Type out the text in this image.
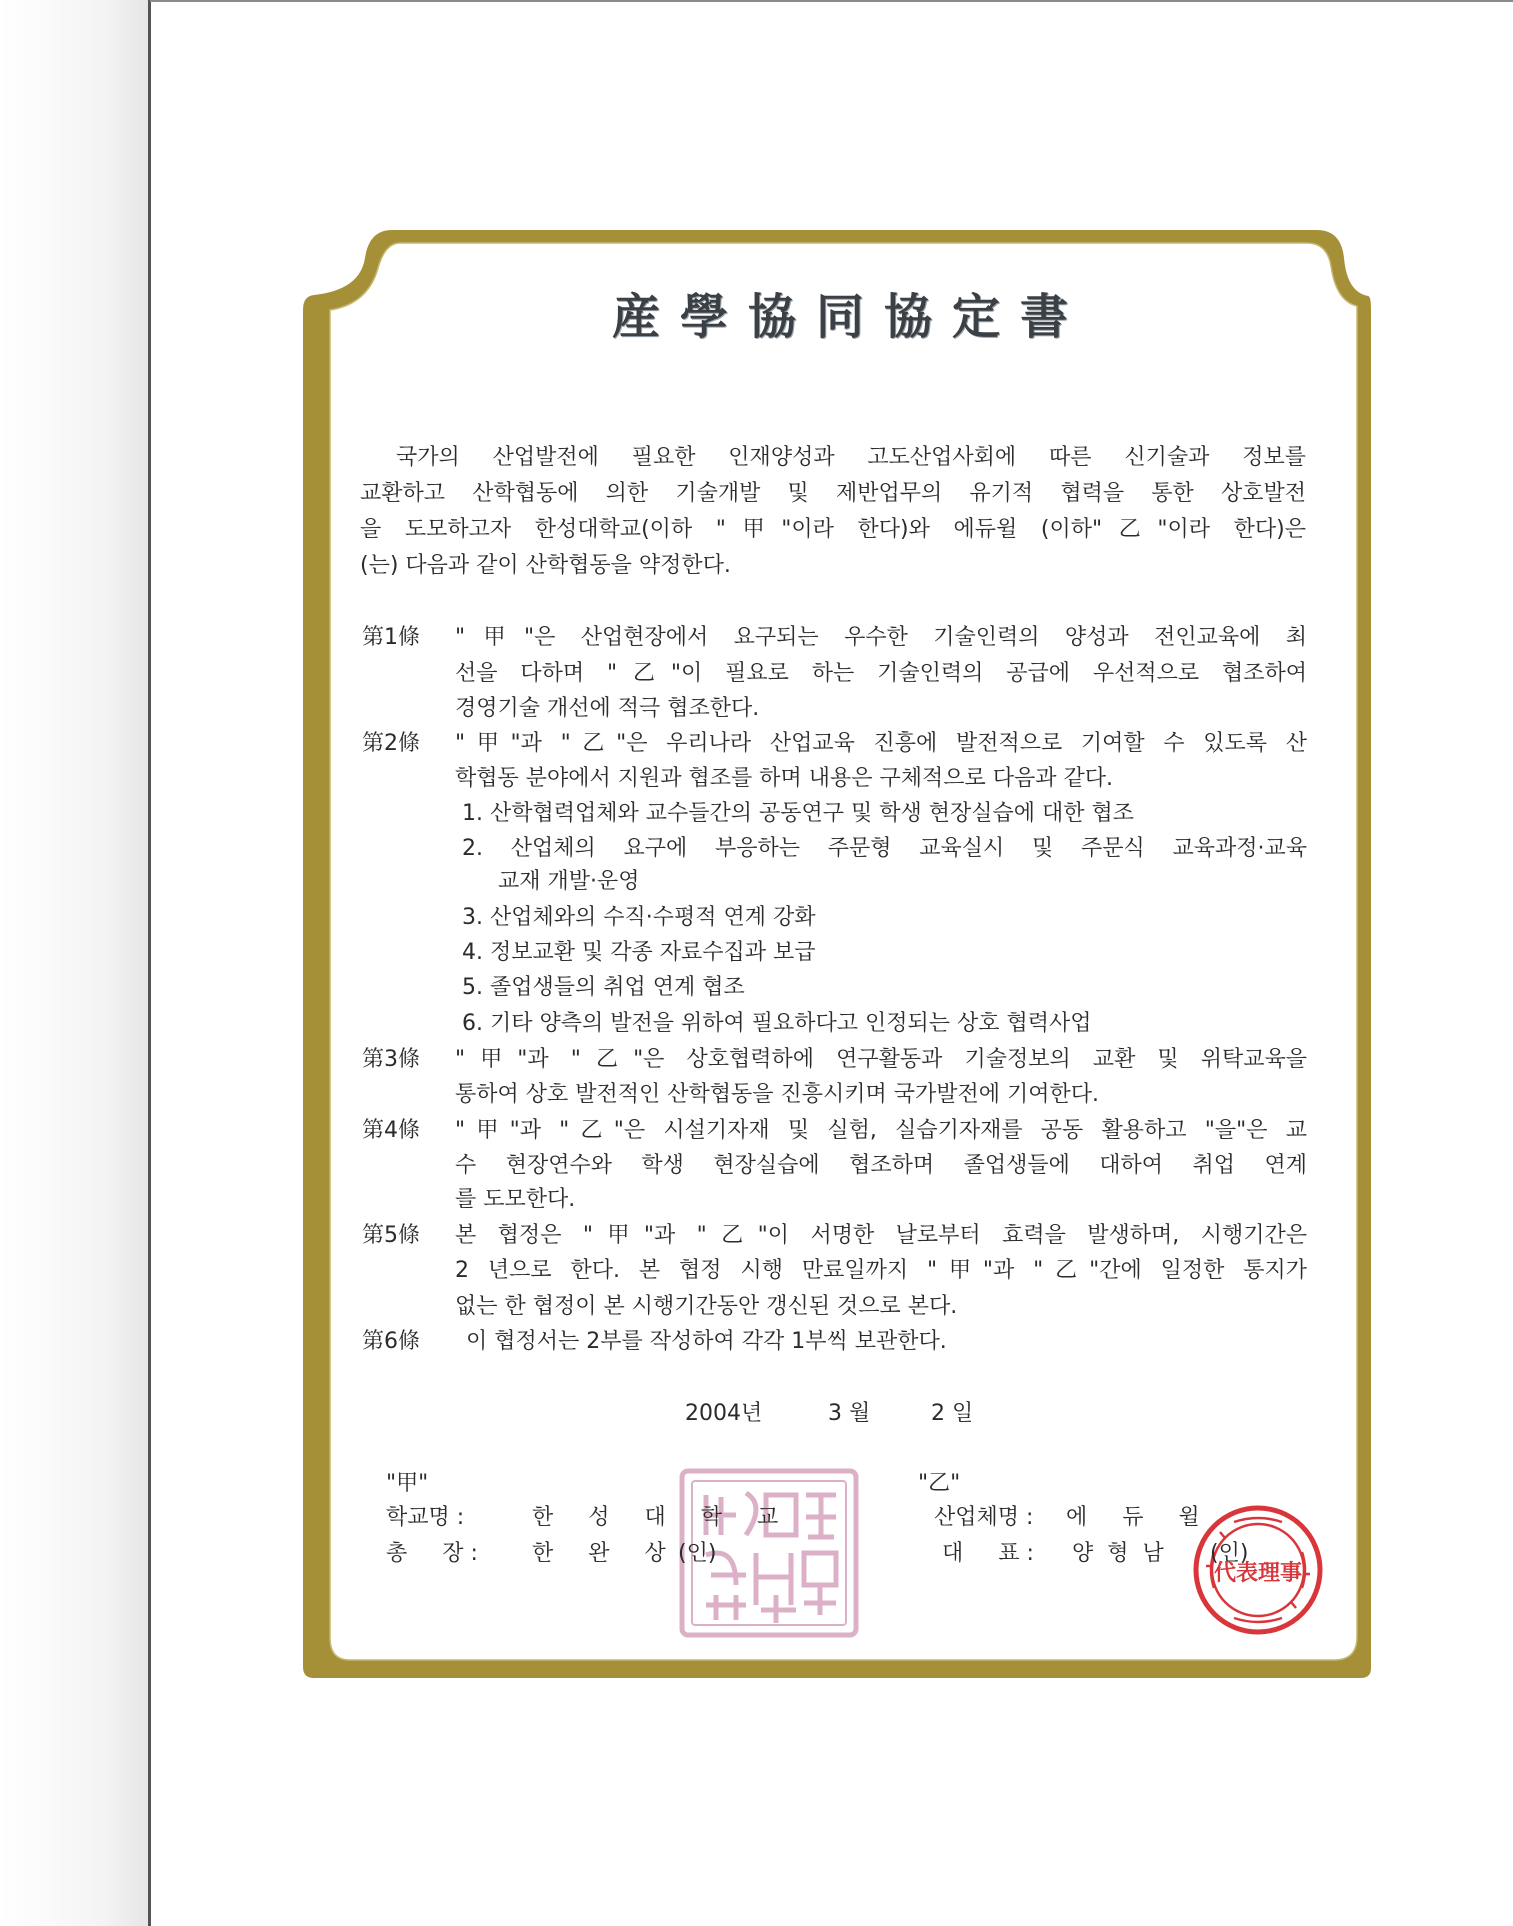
産學協同協定書

국가의 산업발전에 필요한 인재양성과 고도산업사회에 따른 신기술과 정보를

교환하고 산학협동에 의한 기술개발 및 제반업무의 유기적 협력을 통한 상호발전

을 도모하고자 한성대학교(이하 "甲"이라 한다)와 에듀윌 (이하"乙"이라 한다)은

(는) 다음과 같이 산학협동을 약정한다.

第1條 "甲"은 산업현장에서 요구되는 우수한 기술인력의 양성과 전인교육에 최
선을 다하며 "乙"이 필요로 하는 기술인력의 공급에 우선적으로 협조하여
경영기술 개선에 적극 협조한다.
第2條 "甲"과 "乙"은 우리나라 산업교육 진흥에 발전적으로 기여할 수 있도록 산
학협동 분야에서 지원과 협조를 하며 내용은 구체적으로 다음과 같다.
1. 산학협력업체와 교수들간의 공동연구 및 학생 현장실습에 대한 협조
2. 산업체의 요구에 부응하는 주문형 교육실시 및 주문식 교육과정·교육
교재 개발·운영
3. 산업체와의 수직·수평적 연계 강화
4. 정보교환 및 각종 자료수집과 보급
5. 졸업생들의 취업 연계 협조
6. 기타 양측의 발전을 위하여 필요하다고 인정되는 상호 협력사업
第3條 "甲"과 "乙"은 상호협력하에 연구활동과 기술정보의 교환 및 위탁교육을
통하여 상호 발전적인 산학협동을 진흥시키며 국가발전에 기여한다.
第4條 "甲"과 "乙"은 시설기자재 및 실험, 실습기자재를 공동 활용하고 "을"은 교
수 현장연수와 학생 현장실습에 협조하며 졸업생들에 대하여 취업 연계
를 도모한다.
第5條 본 협정은 "甲"과 "乙"이 서명한 날로부터 효력을 발생하며, 시행기간은
2 년으로 한다. 본 협정 시행 만료일까지 "甲"과 "乙"간에 일정한 통지가
없는 한 협정이 본 시행기간동안 갱신된 것으로 본다.
第6條 이 협정서는 2부를 작성하여 각각 1부씩 보관한다.
2004년	3 월	2 일
代表理事
"甲"
학교명 :	한 성 대 학 교
총     장 : 한 완 상
(인)
"乙"
산업체명 : 에     듀     윌
대     표 : 양  형  남 (인)
